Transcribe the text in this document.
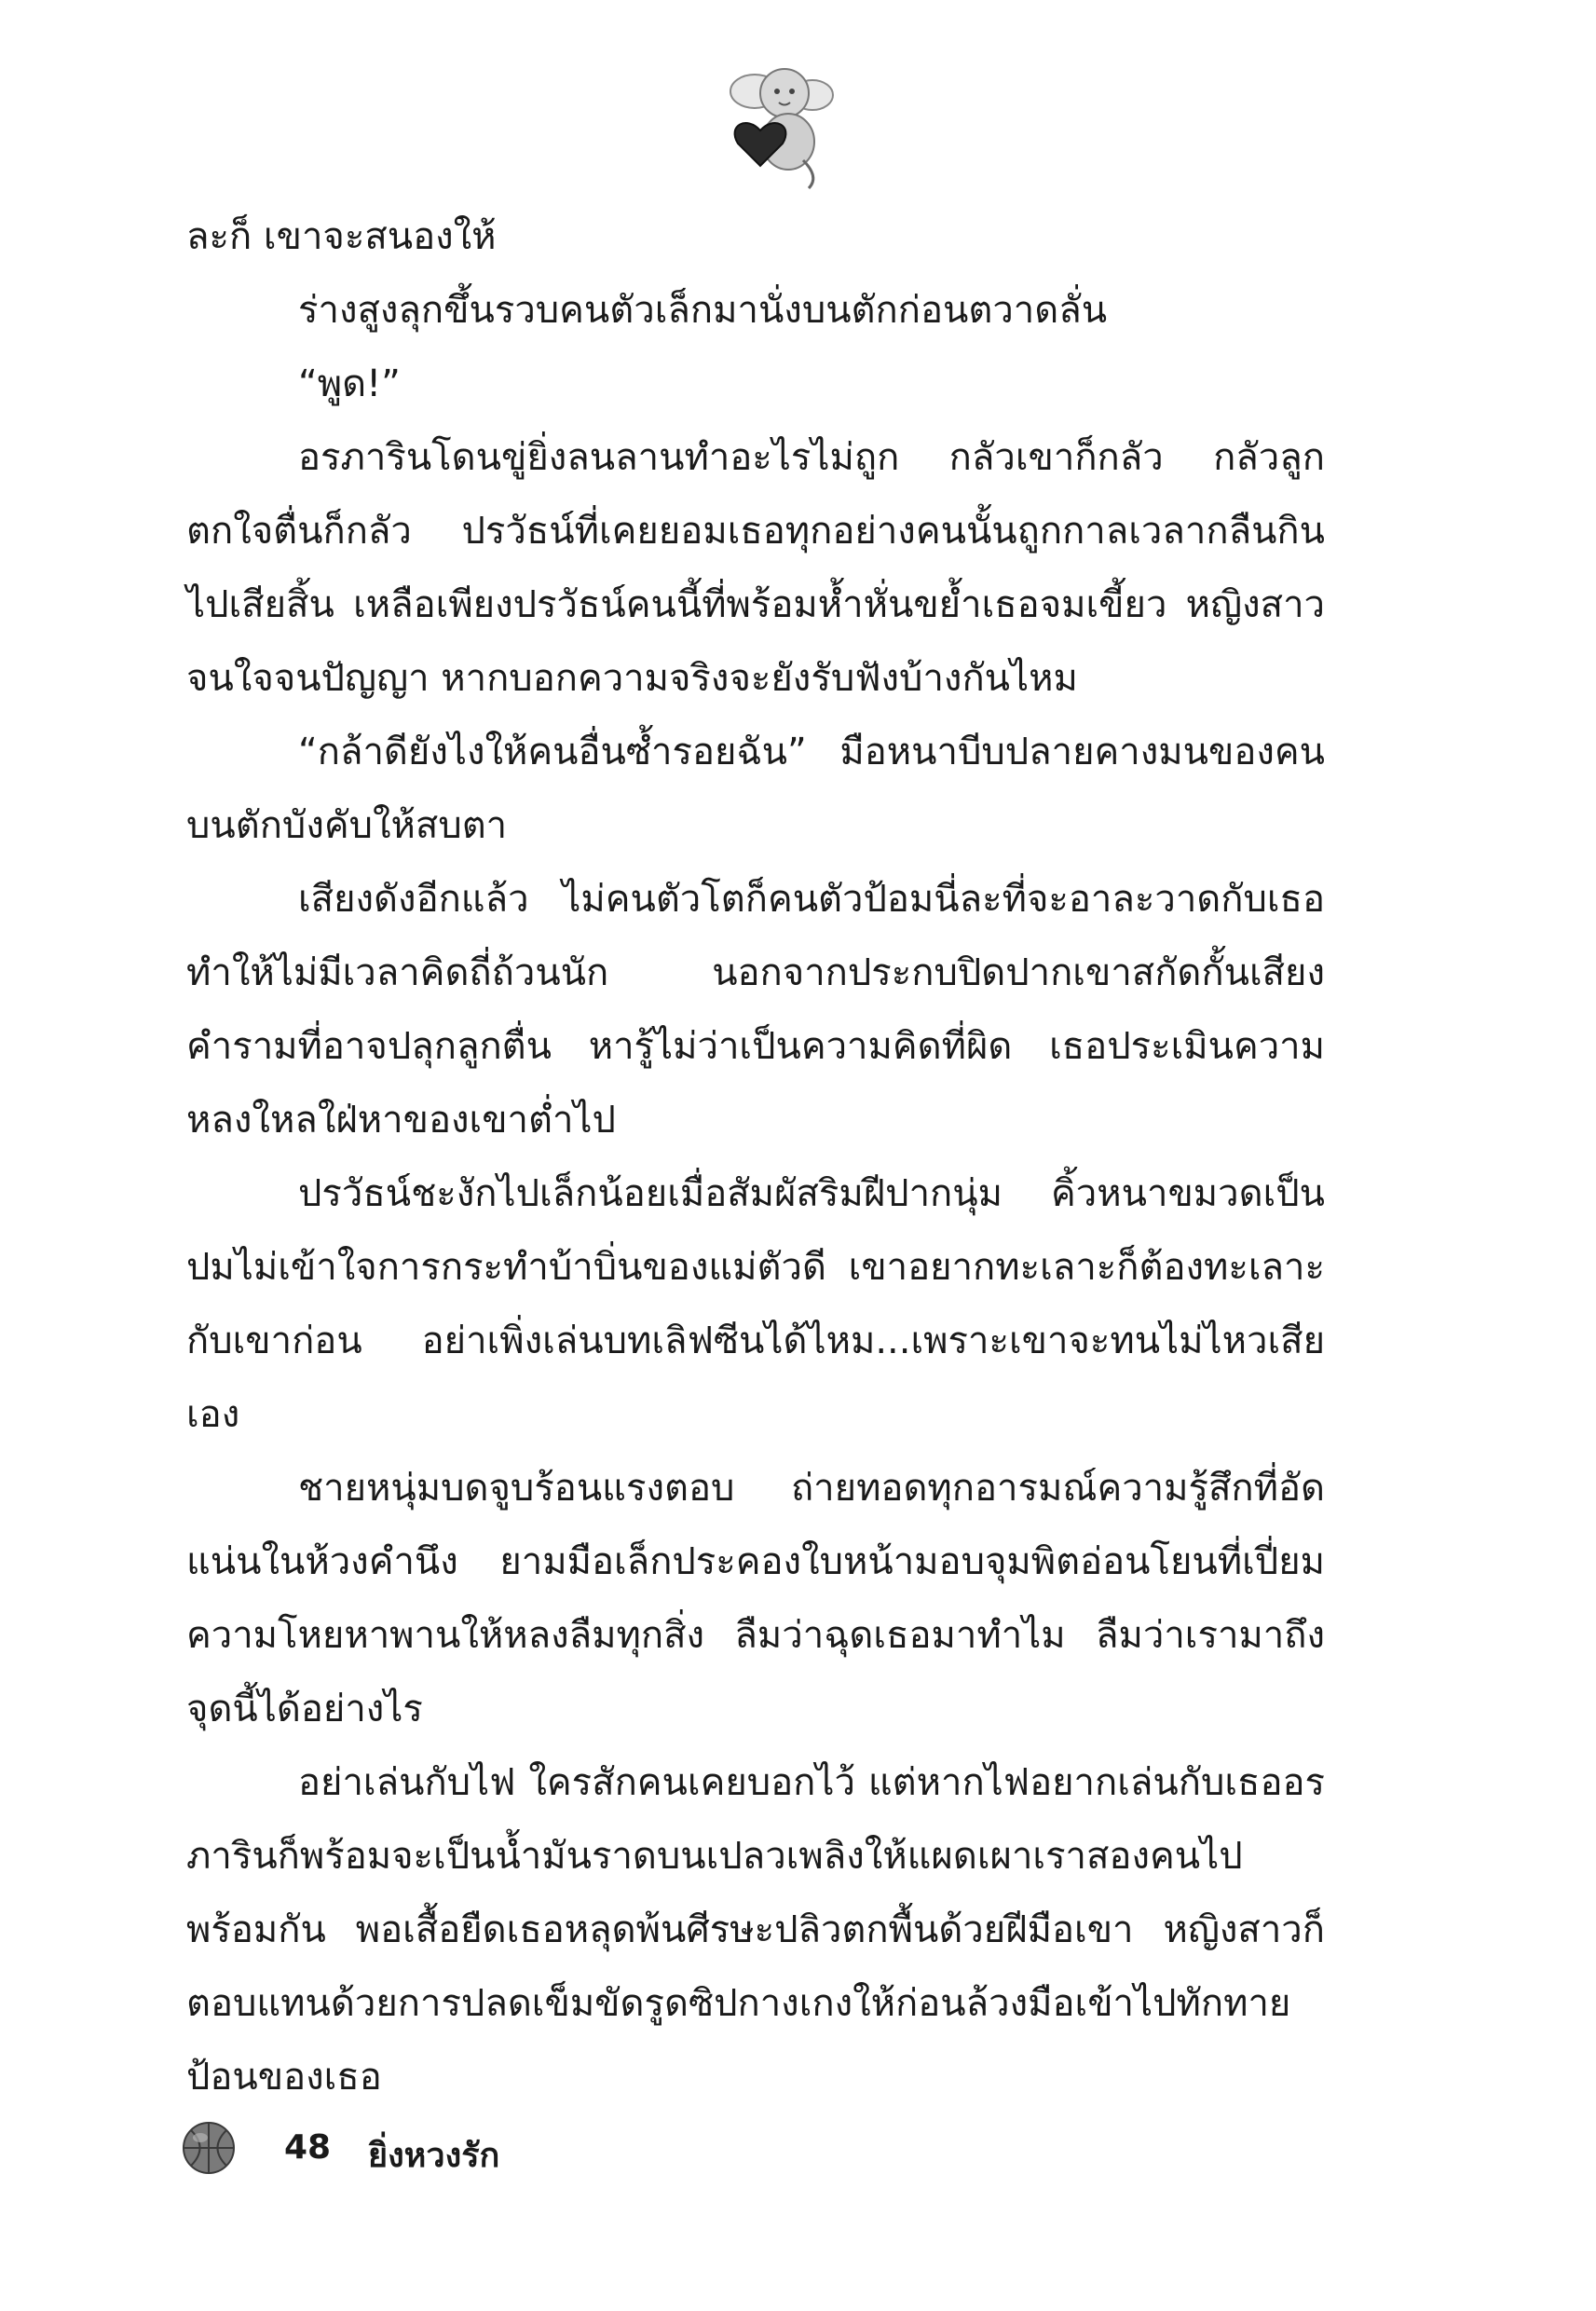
ละก็ เขาจะสนองให้

ร่างสูงลุกขึ้นรวบคนตัวเล็กมานั่งบนตักก่อนตวาดลั่น

“พูด!”

อรภารินโดนขู่ยิ่งลนลานทำอะไรไม่ถูก กลัวเขาก็กลัว กลัวลูกตกใจตื่นก็กลัว ปรวัธน์ที่เคยยอมเธอทุกอย่างคนนั้นถูกกาลเวลากลืนกินไปเสียสิ้น เหลือเพียงปรวัธน์คนนี้ที่พร้อมห้ำหั่นขย้ำเธอจมเขี้ยว หญิงสาวจนใจจนปัญญา หากบอกความจริงจะยังรับฟังบ้างกันไหม

“กล้าดียังไงให้คนอื่นซ้ำรอยฉัน” มือหนาบีบปลายคางมนของคนบนตักบังคับให้สบตา

เสียงดังอีกแล้ว ไม่คนตัวโตก็คนตัวป้อมนี่ละที่จะอาละวาดกับเธอ ทำให้ไม่มีเวลาคิดถี่ถ้วนนัก นอกจากประกบปิดปากเขาสกัดกั้นเสียงคำรามที่อาจปลุกลูกตื่น หารู้ไม่ว่าเป็นความคิดที่ผิด เธอประเมินความหลงใหลใฝ่หาของเขาต่ำไป

ปรวัธน์ชะงักไปเล็กน้อยเมื่อสัมผัสริมฝีปากนุ่ม คิ้วหนาขมวดเป็นปมไม่เข้าใจการกระทำบ้าบิ่นของแม่ตัวดี เขาอยากทะเลาะก็ต้องทะเลาะกับเขาก่อน อย่าเพิ่งเล่นบทเลิฟซีนได้ไหม...เพราะเขาจะทนไม่ไหวเสียเอง

ชายหนุ่มบดจูบร้อนแรงตอบ ถ่ายทอดทุกอารมณ์ความรู้สึกที่อัดแน่นในห้วงคำนึง ยามมือเล็กประคองใบหน้ามอบจุมพิตอ่อนโยนที่เปี่ยมความโหยหาพานให้หลงลืมทุกสิ่ง ลืมว่าฉุดเธอมาทำไม ลืมว่าเรามาถึงจุดนี้ได้อย่างไร

อย่าเล่นกับไฟ ใครสักคนเคยบอกไว้ แต่หากไฟอยากเล่นกับเธออรภารินก็พร้อมจะเป็นน้ำมันราดบนเปลวเพลิงให้แผดเผาเราสองคนไปพร้อมกัน พอเสื้อยืดเธอหลุดพ้นศีรษะปลิวตกพื้นด้วยฝีมือเขา หญิงสาวก็ตอบแทนด้วยการปลดเข็มขัดรูดซิปกางเกงให้ก่อนล้วงมือเข้าไปทักทายป้อนของเธอ

48 ยิ่งหวงรัก
